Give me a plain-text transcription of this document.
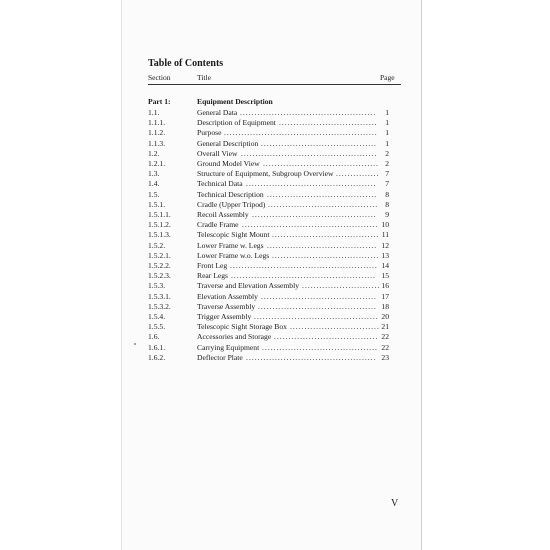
Table of Contents
Section	Title	Page
Part 1:	Equipment Description
1.1.	General Data ...............................................	1
1.1.1.	Description of Equipment ..................................	1
1.1.2.	Purpose ..................................................... 1
1.1.3.	General Description ........................................	1
1.2.	Overall View ...............................................	2
1.2.1.	Ground Model View ........................................ 2
1.3.	Structure of Equipment, Subgroup Overview ............... 7
1.4.	Technical Data .............................................	7
1.5.	Technical Description ......................................	8
1.5.1.	Cradle (Upper Tripod) ...................................... 8
1.5.1.1.	Recoil Assembly ...........................................	9
1.5.1.2.	Cradle Frame ............................................... 10
1.5.1.3.	Telescopic Sight Mount ..................................... 11
1.5.2.	Lower Frame w. Legs ...................................... 12
1.5.2.1.	Lower Frame w.o. Legs ..................................... 13
1.5.2.2.	Front Leg ................................................... 14
1.5.2.3.	Rear Legs .................................................. 15
1.5.3.	Traverse and Elevation Assembly ........................... 16
1.5.3.1.	Elevation Assembly ........................................ 17
1.5.3.2.	Traverse Assembly ......................................... 18
1.5.4.	Trigger Assembly ........................................... 20
1.5.5.	Telescopic Sight Storage Box ............................... 21
1.6.	Accessories and Storage .................................... 22
1.6.1.	Carrying Equipment ........................................ 22
1.6.2.	Deflector Plate ............................................. 23
V
